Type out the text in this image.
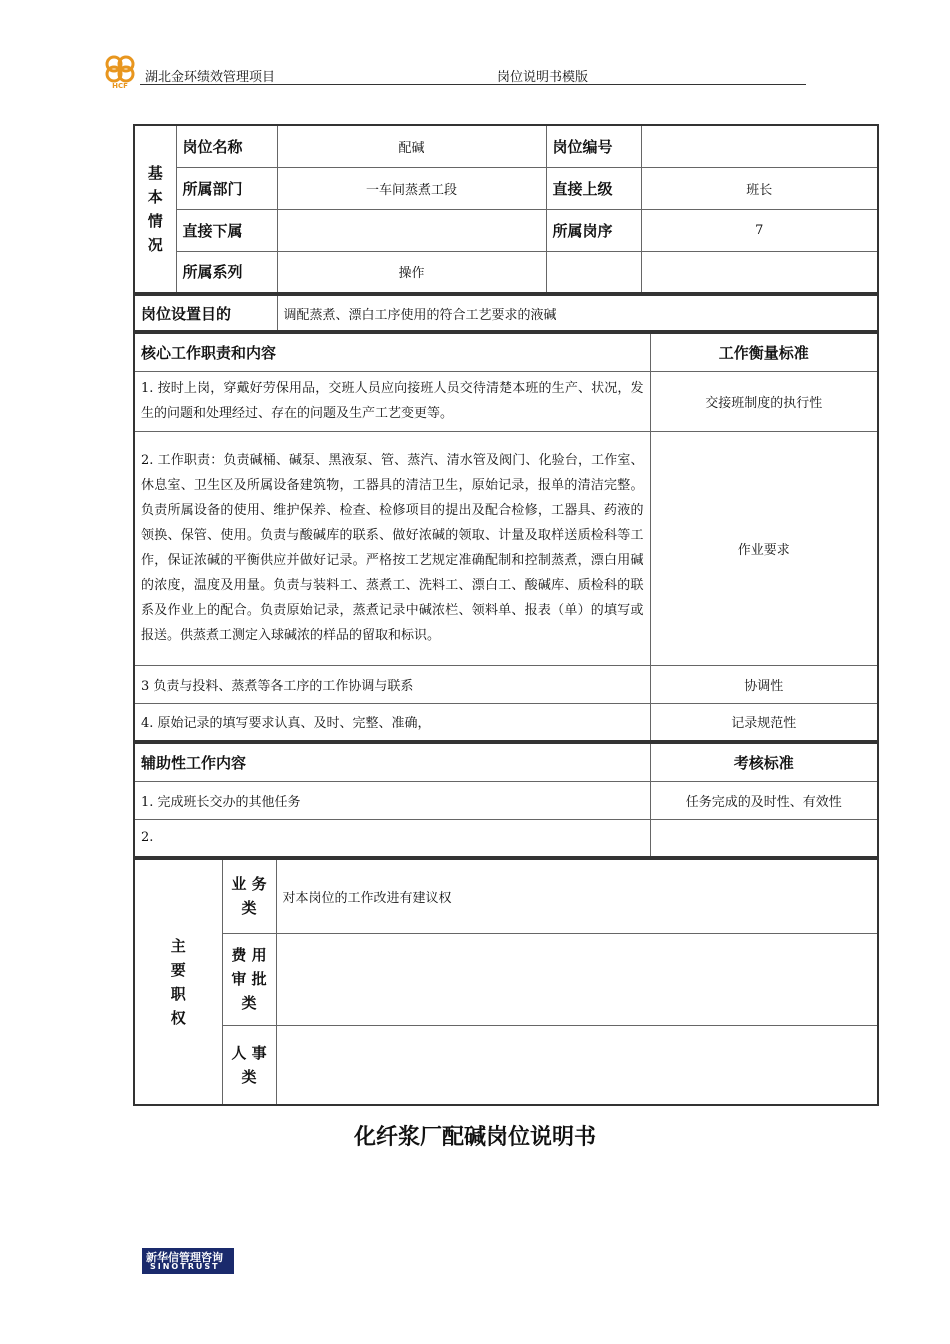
HCF
湖北金环绩效管理项目	岗位说明书模版
基
本
情
况	岗位名称	配碱	岗位编号	
	所属部门	一车间蒸煮工段	直接上级	班长
	直接下属		所属岗序	7
	所属系列	操作		
岗位设置目的	调配蒸煮、漂白工序使用的符合工艺要求的液碱
核心工作职责和内容	工作衡量标准
1. 按时上岗，穿戴好劳保用品，交班人员应向接班人员交待清楚本班的生产、状况，发生的问题和处理经过、存在的问题及生产工艺变更等。	交接班制度的执行性
2. 工作职责：负责碱桶、碱泵、黑液泵、管、蒸汽、清水管及阀门、化验台，工作室、休息室、卫生区及所属设备建筑物，工器具的清洁卫生，原始记录，报单的清洁完整。负责所属设备的使用、维护保养、检查、检修项目的提出及配合检修，工器具、药液的领换、保管、使用。负责与酸碱库的联系、做好浓碱的领取、计量及取样送质检科等工作，保证浓碱的平衡供应并做好记录。严格按工艺规定准确配制和控制蒸煮，漂白用碱的浓度，温度及用量。负责与装料工、蒸煮工、洗料工、漂白工、酸碱库、质检科的联系及作业上的配合。负责原始记录，蒸煮记录中碱浓栏、领料单、报表（单）的填写或报送。供蒸煮工测定入球碱浓的样品的留取和标识。	作业要求
3 负责与投料、蒸煮等各工序的工作协调与联系	协调性
4. 原始记录的填写要求认真、及时、完整、准确，	记录规范性
辅助性工作内容	考核标准
1. 完成班长交办的其他任务	任务完成的及时性、有效性
2.	
主
要
职
权	业 务
类	对本岗位的工作改进有建议权
	费 用
审 批
类	
	人 事
类	
化纤浆厂配碱岗位说明书
新华信管理咨询
SINOTRUST
